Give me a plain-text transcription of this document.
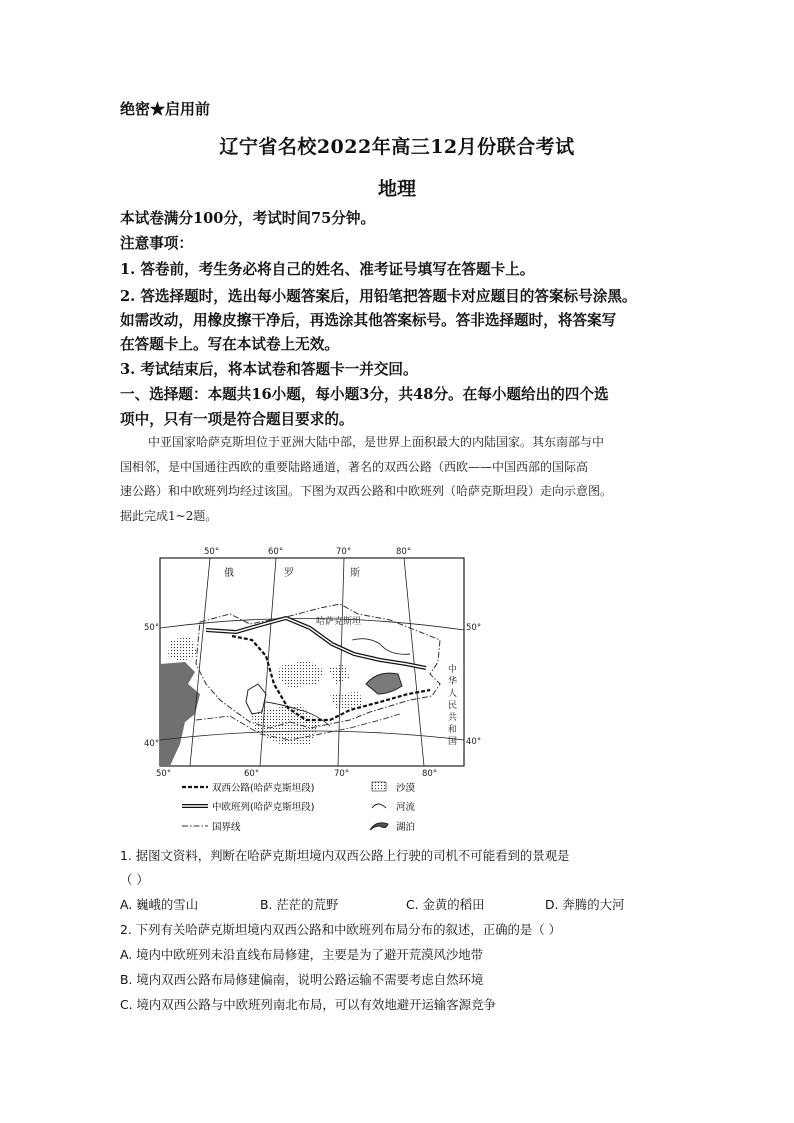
绝密★启用前
辽宁省名校2022年高三12月份联合考试
地理
本试卷满分100分，考试时间75分钟。
注意事项：
1. 答卷前，考生务必将自己的姓名、准考证号填写在答题卡上。
2. 答选择题时，选出每小题答案后，用铅笔把答题卡对应题目的答案标号涂黑。
如需改动，用橡皮擦干净后，再选涂其他答案标号。答非选择题时，将答案写
在答题卡上。写在本试卷上无效。
3. 考试结束后，将本试卷和答题卡一并交回。
一、选择题：本题共16小题，每小题3分，共48分。在每小题给出的四个选
项中，只有一项是符合题目要求的。
中亚国家哈萨克斯坦位于亚洲大陆中部，是世界上面积最大的内陆国家。其东南部与中
国相邻，是中国通往西欧的重要陆路通道，著名的双西公路（西欧——中国西部的国际高
速公路）和中欧班列均经过该国。下图为双西公路和中欧班列（哈萨克斯坦段）走向示意图。
据此完成1~2题。
50°	60°	70°	80°
50°	60°	70°	80°
50°
40°
50°
40°
俄	罗	斯
哈萨克斯坦
中
华
人
民
共
和
国
双西公路(哈萨克斯坦段)
中欧班列(哈萨克斯坦段)
国界线
沙漠
河流
湖泊
1. 据图文资料，判断在哈萨克斯坦境内双西公路上行驶的司机不可能看到的景观是
（ ）
A. 巍峨的雪山	B. 茫茫的荒野	C. 金黄的稻田	D. 奔腾的大河
2. 下列有关哈萨克斯坦境内双西公路和中欧班列布局分布的叙述，正确的是（ ）
A. 境内中欧班列未沿直线布局修建，主要是为了避开荒漠风沙地带
B. 境内双西公路布局修建偏南，说明公路运输不需要考虑自然环境
C. 境内双西公路与中欧班列南北布局，可以有效地避开运输客源竞争
